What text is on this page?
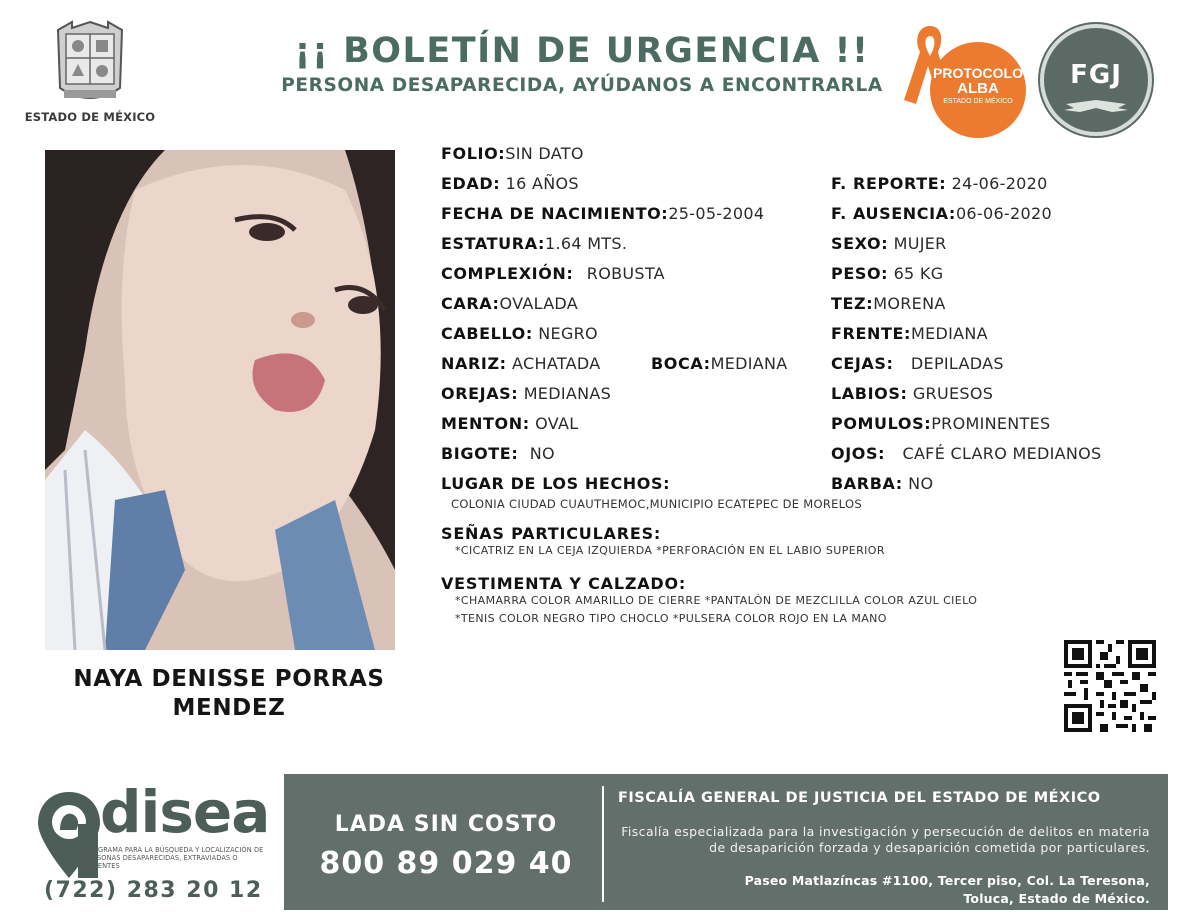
ESTADO DE MÉXICO
¡¡ BOLETÍN DE URGENCIA !!
PERSONA DESAPARECIDA, AYÚDANOS A ENCONTRARLA
PROTOCOLO
ALBA
ESTADO DE MÉXICO
FGJ
NAYA DENISSE PORRAS
MENDEZ
FOLIO:SIN DATO
EDAD: 16 AÑOS
FECHA DE NACIMIENTO:25-05-2004
ESTATURA:1.64 MTS.
COMPLEXIÓN: ROBUSTA
CARA:OVALADA
CABELLO: NEGRO
NARIZ: ACHATADA	BOCA:MEDIANA
OREJAS: MEDIANAS
MENTON: OVAL
BIGOTE: NO
LUGAR DE LOS HECHOS:
COLONIA CIUDAD CUAUTHEMOC,MUNICIPIO ECATEPEC DE MORELOS
F. REPORTE: 24-06-2020
F. AUSENCIA:06-06-2020
SEXO: MUJER
PESO: 65 KG
TEZ:MORENA
FRENTE:MEDIANA
CEJAS: DEPILADAS
LABIOS: GRUESOS
POMULOS:PROMINENTES
OJOS: CAFÉ CLARO MEDIANOS
BARBA: NO
SEÑAS PARTICULARES:
*CICATRIZ EN LA CEJA IZQUIERDA *PERFORACIÓN EN EL LABIO SUPERIOR
VESTIMENTA Y CALZADO:
*CHAMARRA COLOR AMARILLO DE CIERRE *PANTALÓN DE MEZCLILLA COLOR AZUL CIELO
*TENIS COLOR NEGRO TIPO CHOCLO *PULSERA COLOR ROJO EN LA MANO
disea
PROGRAMA PARA LA BÚSQUEDA Y LOCALIZACIÓN DE PERSONAS DESAPARECIDAS, EXTRAVIADAS O AUSENTES
(722) 283 20 12
LADA SIN COSTO
800 89 029 40
FISCALÍA GENERAL DE JUSTICIA DEL ESTADO DE MÉXICO
Fiscalía especializada para la investigación y persecución de delitos en materia de desaparición forzada y desaparición cometida por particulares.
Paseo Matlazíncas #1100, Tercer piso, Col. La Teresona,
Toluca, Estado de México.
